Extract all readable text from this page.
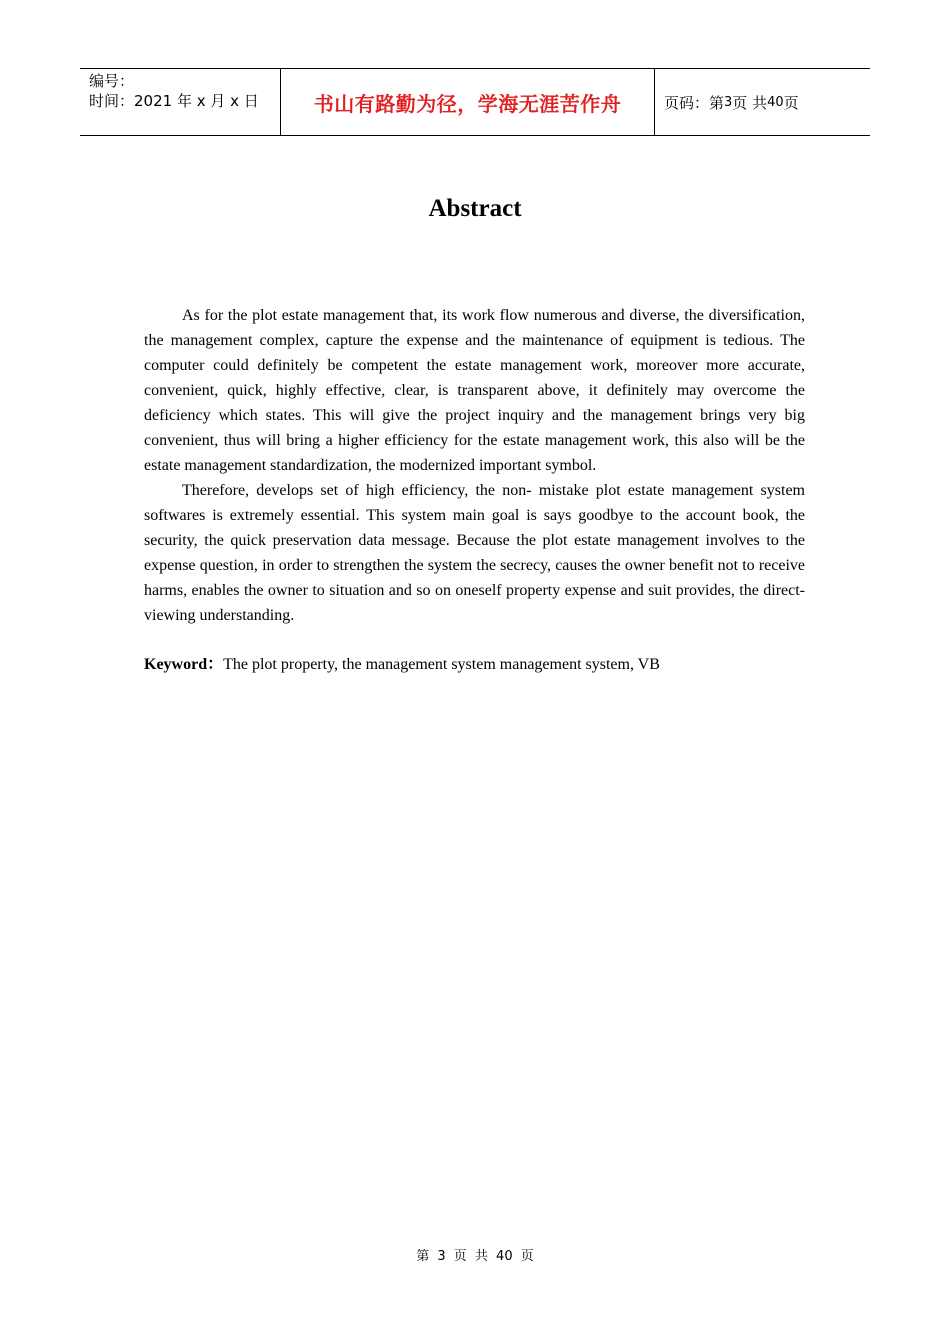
编号：
时间：2021 年 x 月 x 日	书山有路勤为径，学海无涯苦作舟	页码：第 3 页 共 40 页
Abstract

As for the plot estate management that, its work flow numerous and diverse, the diversification, the management complex, capture the expense and the maintenance of equipment is tedious. The computer could definitely be competent the estate management work, moreover more accurate, convenient, quick, highly effective, clear, is transparent above, it definitely may overcome the deficiency which states. This will give the project inquiry and the management brings very big convenient, thus will bring a higher efficiency for the estate management work, this also will be the estate management standardization, the modernized important symbol.

Therefore, develops set of high efficiency, the non- mistake plot estate management system softwares is extremely essential. This system main goal is says goodbye to the account book, the security, the quick preservation data message. Because the plot estate management involves to the expense question, in order to strengthen the system the secrecy, causes the owner benefit not to receive harms, enables the owner to situation and so on oneself property expense and suit provides, the direct-viewing understanding.

Keyword：The plot property, the management system management system, VB
第 3 页 共 40 页
